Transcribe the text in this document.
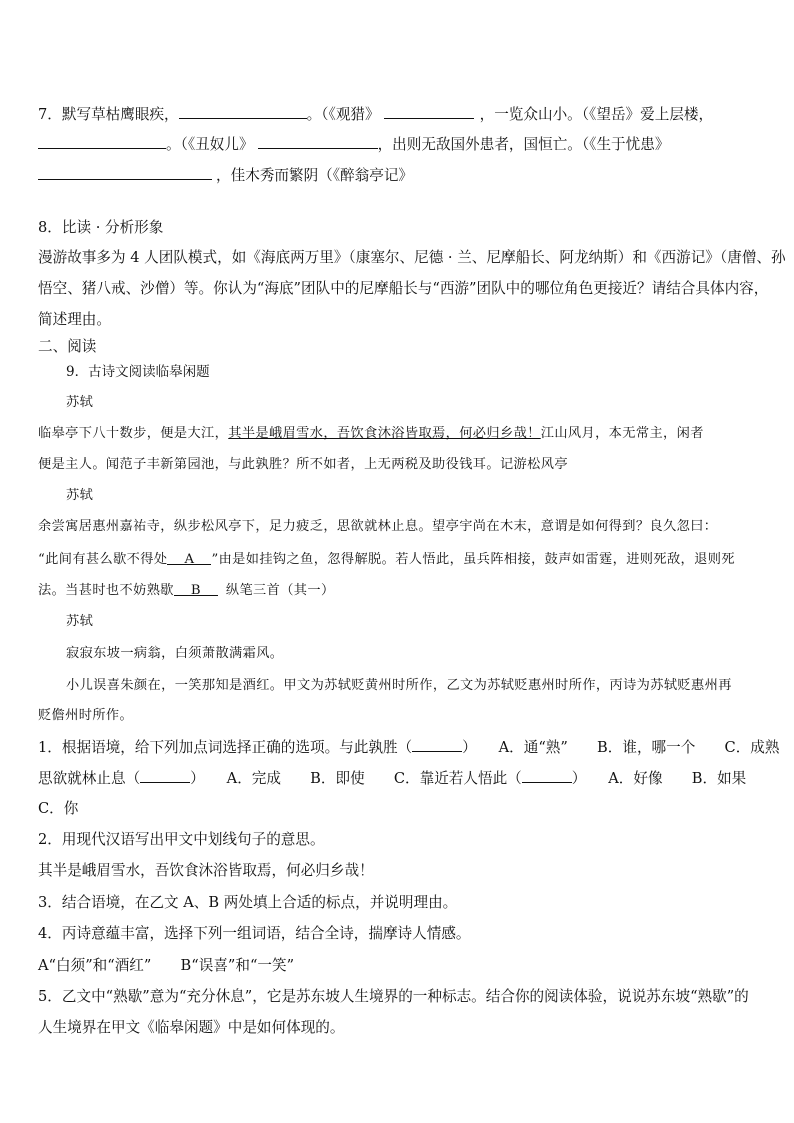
7．默写草枯鹰眼疾，	。（《观猎》	，一览众山小。（《望岳》爱上层楼，
。（《丑奴儿》	，出则无敌国外患者，国恒亡。（《生于忧患》
，佳木秀而繁阴（《醉翁亭记》
8．比读 · 分析形象
漫游故事多为 4 人团队模式，如《海底两万里》（康塞尔、尼德 · 兰、尼摩船长、阿龙纳斯）和《西游记》（唐僧、孙
悟空、猪八戒、沙僧）等。你认为“海底”团队中的尼摩船长与“西游”团队中的哪位角色更接近？请结合具体内容，
简述理由。
二、阅读
9．古诗文阅读临皋闲题
苏轼
临皋亭下八十数步，便是大江，其半是峨眉雪水，吾饮食沐浴皆取焉，何必归乡哉！江山风月，本无常主，闲者
便是主人。闻范子丰新第园池，与此孰胜？所不如者，上无两税及助役钱耳。记游松风亭
苏轼
余尝寓居惠州嘉祐寺，纵步松风亭下，足力疲乏，思欲就林止息。望亭宇尚在木末，意谓是如何得到？良久忽曰：
“此间有甚么歇不得处 A ”由是如挂钩之鱼，忽得解脱。若人悟此，虽兵阵相接，鼓声如雷霆，进则死敌，退则死
法。当甚时也不妨熟歇 B 纵笔三首（其一）
苏轼
寂寂东坡一病翁，白须萧散满霜风。
小儿误喜朱颜在，一笑那知是酒红。甲文为苏轼贬黄州时所作，乙文为苏轼贬惠州时所作，丙诗为苏轼贬惠州再
贬儋州时所作。
1．根据语境，给下列加点词选择正确的选项。与此孰胜（	）　　A．通“熟”　　B．谁，哪一个　　C．成熟
思欲就林止息（	）　　A．完成　　B．即使　　C．靠近若人悟此（	）　　A．好像　　B．如果
C．你
2．用现代汉语写出甲文中划线句子的意思。
其半是峨眉雪水，吾饮食沐浴皆取焉，何必归乡哉！
3．结合语境，在乙文 A、B 两处填上合适的标点，并说明理由。
4．丙诗意蕴丰富，选择下列一组词语，结合全诗，揣摩诗人情感。
A“白须”和“酒红”　　B“误喜”和“一笑”
5．乙文中“熟歇”意为“充分休息”，它是苏东坡人生境界的一种标志。结合你的阅读体验，说说苏东坡“熟歇”的
人生境界在甲文《临皋闲题》中是如何体现的。
